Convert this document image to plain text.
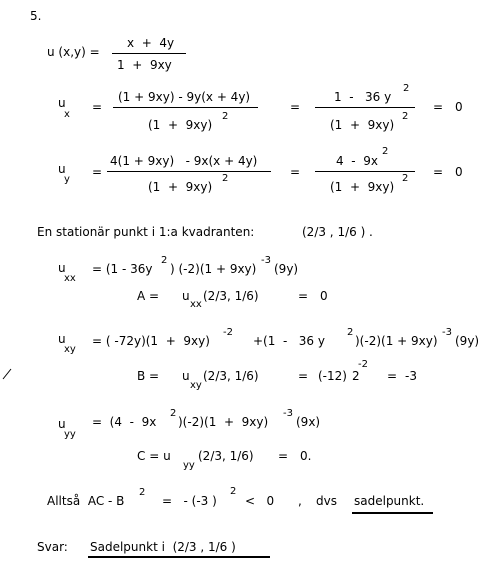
5.
u (x,y) =
x  +  4y
1  +  9xy
u
x
=
(1 + 9xy) - 9y(x + 4y)
(1  +  9xy)
2
=
1  -   36 y
2
(1  +  9xy)
2
= 0
u
y
=
4(1 + 9xy)   - 9x(x + 4y)
(1  +  9xy)
2	=
4  -  9x
2
(1  +  9xy)
2 = 0
En stationär punkt i 1:a kvadranten:	(2/3 , 1/6 ) .
u
xx
= (1 - 36y
2
) (-2)(1 + 9xy)
-3
(9y)
A = u
xx
(2/3, 1/6)	= 0
u
xy
= ( -72y)(1  +  9xy)
-2
+(1  -   36 y
2
)(-2)(1 + 9xy)
-3
(9y)
B = u
xy
(2/3, 1/6)	= (-12) 2
-2
= -3
u
yy
=  (4  -  9x
2
)(-2)(1  +  9xy)
-3
(9x)
C = u
yy
(2/3, 1/6) = 0.
Alltså  AC - B
2
=   - (-3 )
2
<   0 , dvs sadelpunkt.
Svar: Sadelpunkt i  (2/3 , 1/6 )
